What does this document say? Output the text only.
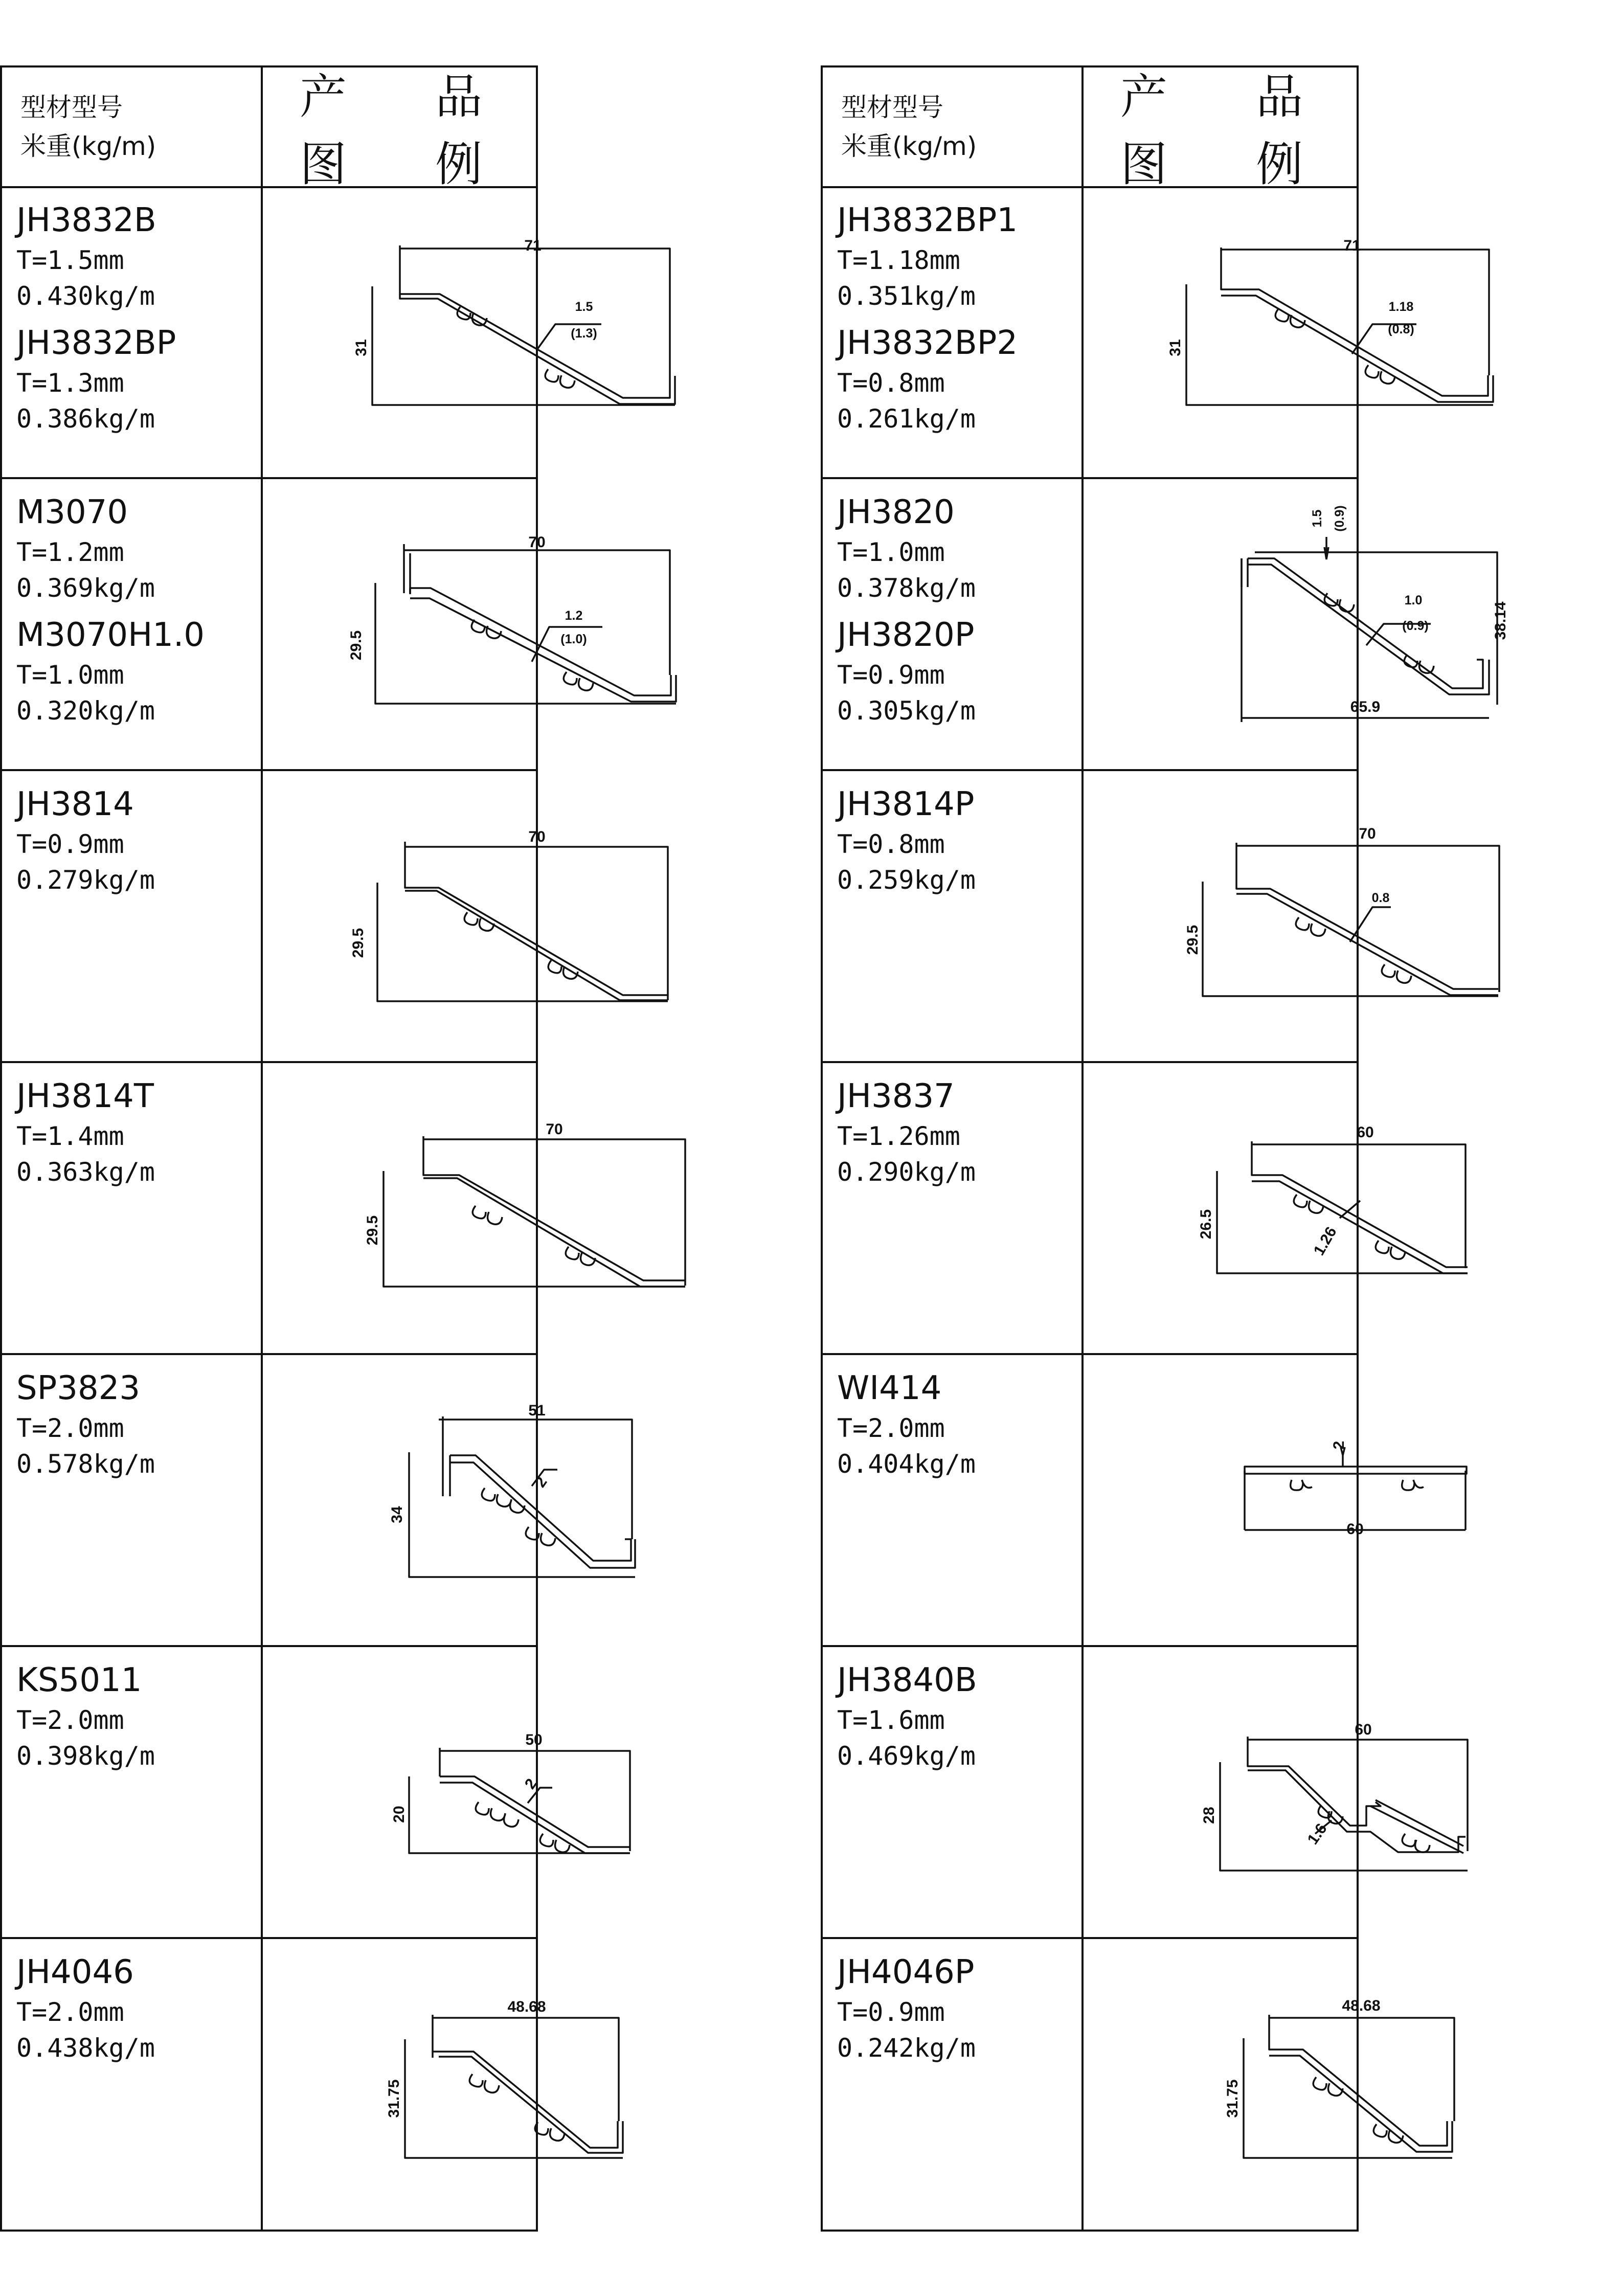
型材型号
米重(kg/m)
产 品 图 例
71
31
1.5
(1.3)
70
29.5
1.2
(1.0)
70
29.5
70
29.5
51
34
2
50
20
2
48.68
31.75
71
31
1.18
(0.8)
65.9
38.14
1.0
(0.9)
1.5 (0.9)
70
29.5
0.8
60
26.5	1.26
60
2
60
28
1.6
48.68
31.75
型材型号
米重(kg/m)
产 品 图 例
JH3832B
T=1.5mm
0.430kg/m
JH3832BP
T=1.3mm
0.386kg/m
M3070
T=1.2mm
0.369kg/m
M3070H1.0
T=1.0mm
0.320kg/m
JH3814
T=0.9mm
0.279kg/m
JH3814T
T=1.4mm
0.363kg/m
SP3823
T=2.0mm
0.578kg/m
KS5011
T=2.0mm
0.398kg/m
JH4046
T=2.0mm
0.438kg/m
JH3832BP1
T=1.18mm
0.351kg/m
JH3832BP2
T=0.8mm
0.261kg/m
JH3820
T=1.0mm
0.378kg/m
JH3820P
T=0.9mm
0.305kg/m
JH3814P
T=0.8mm
0.259kg/m
JH3837
T=1.26mm
0.290kg/m
WI414
T=2.0mm
0.404kg/m
JH3840B
T=1.6mm
0.469kg/m
JH4046P
T=0.9mm
0.242kg/m
